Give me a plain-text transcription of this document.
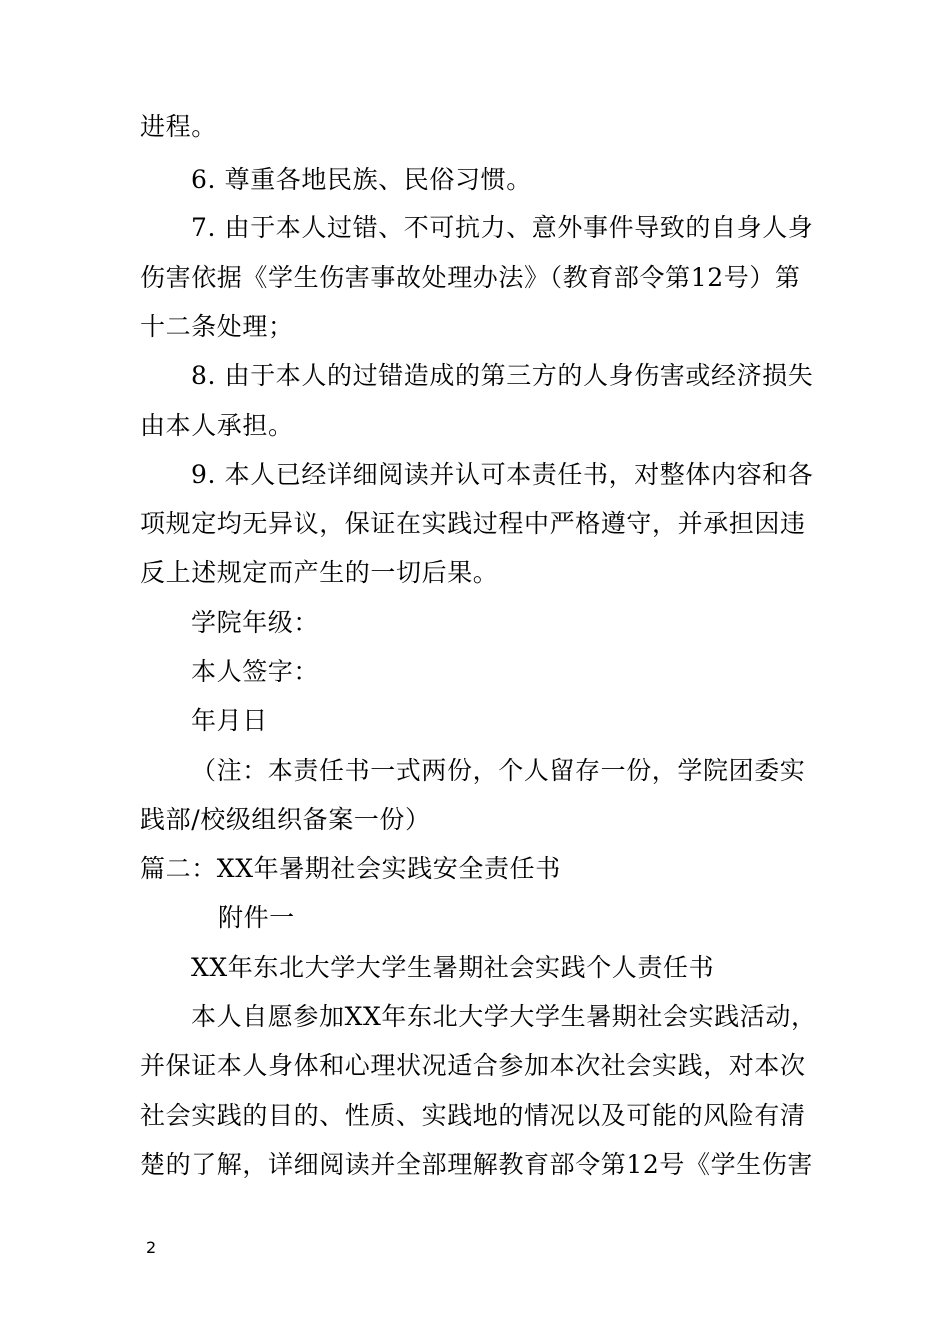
进程。
6. 尊重各地民族、民俗习惯。
7. 由于本人过错、不可抗力、意外事件导致的自身人身
伤害依据《学生伤害事故处理办法》（教育部令第12号）第
十二条处理；
8. 由于本人的过错造成的第三方的人身伤害或经济损失
由本人承担。
9. 本人已经详细阅读并认可本责任书，对整体内容和各
项规定均无异议，保证在实践过程中严格遵守，并承担因违
反上述规定而产生的一切后果。
学院年级：
本人签字：
年月日
（注：本责任书一式两份，个人留存一份，学院团委实
践部/校级组织备案一份）
篇二：XX年暑期社会实践安全责任书
附件一
XX年东北大学大学生暑期社会实践个人责任书
本人自愿参加XX年东北大学大学生暑期社会实践活动，
并保证本人身体和心理状况适合参加本次社会实践，对本次
社会实践的目的、性质、实践地的情况以及可能的风险有清
楚的了解，详细阅读并全部理解教育部令第12号《学生伤害
2
